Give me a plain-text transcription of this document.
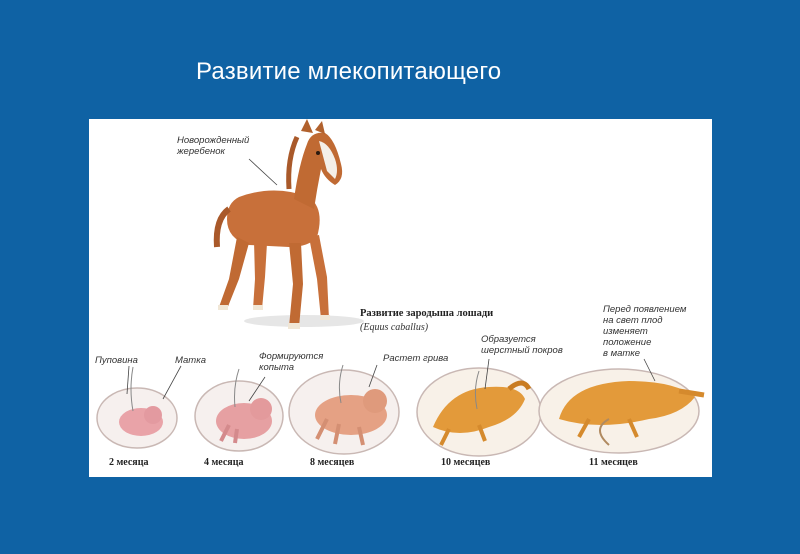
Развитие млекопитающего
Новорожденный
жеребенок
Развитие зародыша лошади
(Equus caballus)
Пуповина	Матка	Формируются
копыта
Растет грива
Образуется
шерстный покров
Перед появлением
на свет плод
изменяет
положение
в матке
2 месяца	4 месяца	8 месяцев	10 месяцев	11 месяцев
